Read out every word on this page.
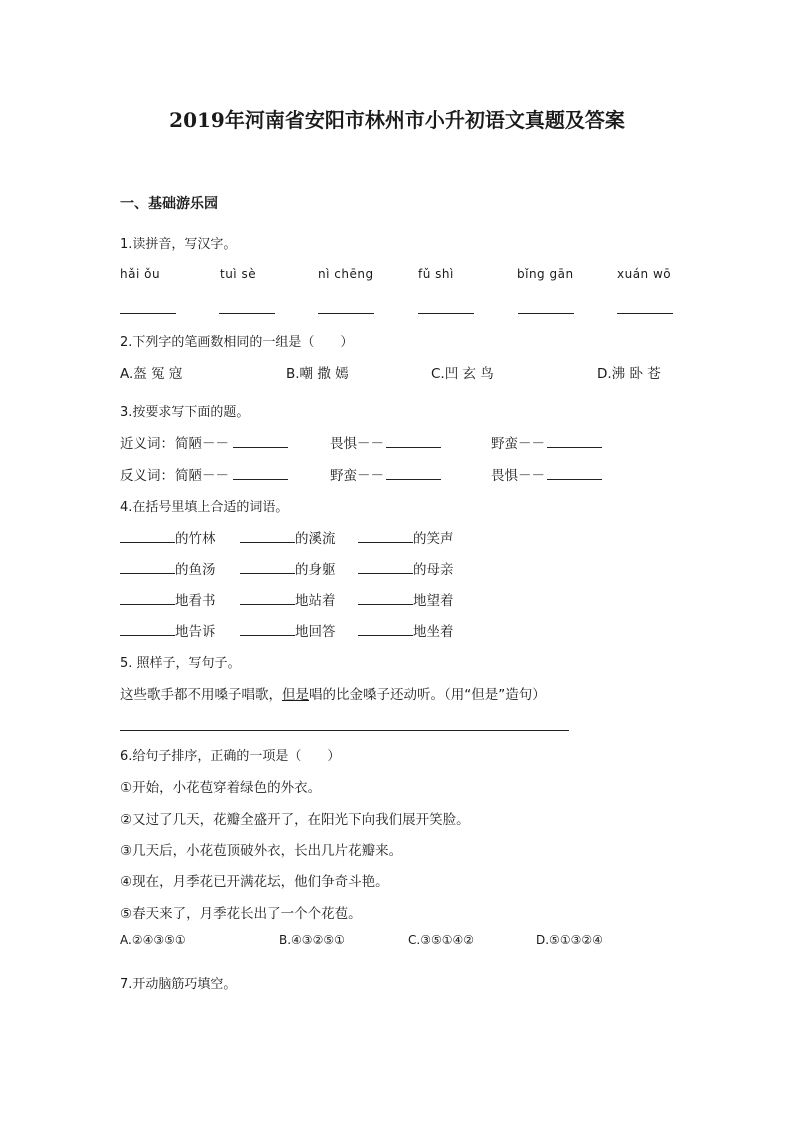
2019年河南省安阳市林州市小升初语文真题及答案
一、基础游乐园
1.读拼音，写汉字。
hǎi ǒu	tuì sè	nì chēng	fǔ shì	bǐng gān	xuán wō
2.下列字的笔画数相同的一组是（　　）
A.盔 冤 寇	B.嘲 撒 嫣	C.凹 玄 鸟	D.沸 卧 苍
3.按要求写下面的题。
近义词： 简陋－－	畏惧－－	野蛮－－
反义词： 简陋－－	野蛮－－	畏惧－－
4.在括号里填上合适的词语。
的竹林	的溪流	的笑声
的鱼汤	的身躯	的母亲
地看书	地站着	地望着
地告诉	地回答	地坐着
5. 照样子，写句子。
这些歌手都不用嗓子唱歌，但是唱的比金嗓子还动听。（用“但是”造句）
6.给句子排序，正确的一项是（　　）
①开始，小花苞穿着绿色的外衣。
②又过了几天，花瓣全盛开了，在阳光下向我们展开笑脸。
③几天后，小花苞顶破外衣，长出几片花瓣来。
④现在，月季花已开满花坛，他们争奇斗艳。
⑤春天来了，月季花长出了一个个花苞。
A.②④③⑤①	B.④③②⑤①	C.③⑤①④②	D.⑤①③②④
7.开动脑筋巧填空。
